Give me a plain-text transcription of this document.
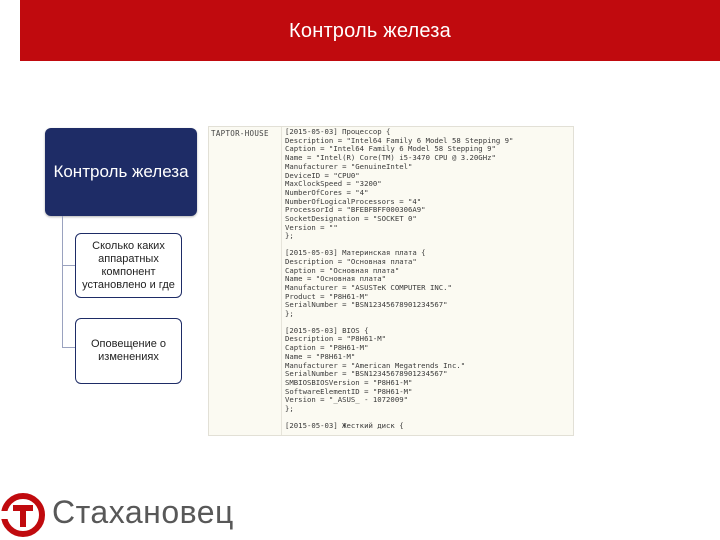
Контроль железа
Контроль железа
Сколько каких аппаратных компонент установлено и где
Оповещение о изменениях
TAPTOR-HOUSE [2015-05-03] Процессор {
Description = "Intel64 Family 6 Model 58 Stepping 9"
Caption = "Intel64 Family 6 Model 58 Stepping 9"
Name = "Intel(R) Core(TM) i5-3470 CPU @ 3.20GHz"
Manufacturer = "GenuineIntel"
DeviceID = "CPU0"
MaxClockSpeed = "3200"
NumberOfCores = "4"
NumberOfLogicalProcessors = "4"
ProcessorId = "BFEBFBFF000306A9"
SocketDesignation = "SOCKET 0"
Version = ""
};
[2015-05-03] Материнская плата {
Description = "Основная плата"
Caption = "Основная плата"
Name = "Основная плата"
Manufacturer = "ASUSTeK COMPUTER INC."
Product = "P8H61-M"
SerialNumber = "BSN12345678901234567"
};
[2015-05-03] BIOS {
Description = "P8H61-M"
Caption = "P8H61-M"
Name = "P8H61-M"
Manufacturer = "American Megatrends Inc."
SerialNumber = "BSN12345678901234567"
SMBIOSBIOSVersion = "P8H61-M"
SoftwareElementID = "P8H61-M"
Version = "_ASUS_ - 1072009"
};
[2015-05-03] Жесткий диск {
Стахановец
